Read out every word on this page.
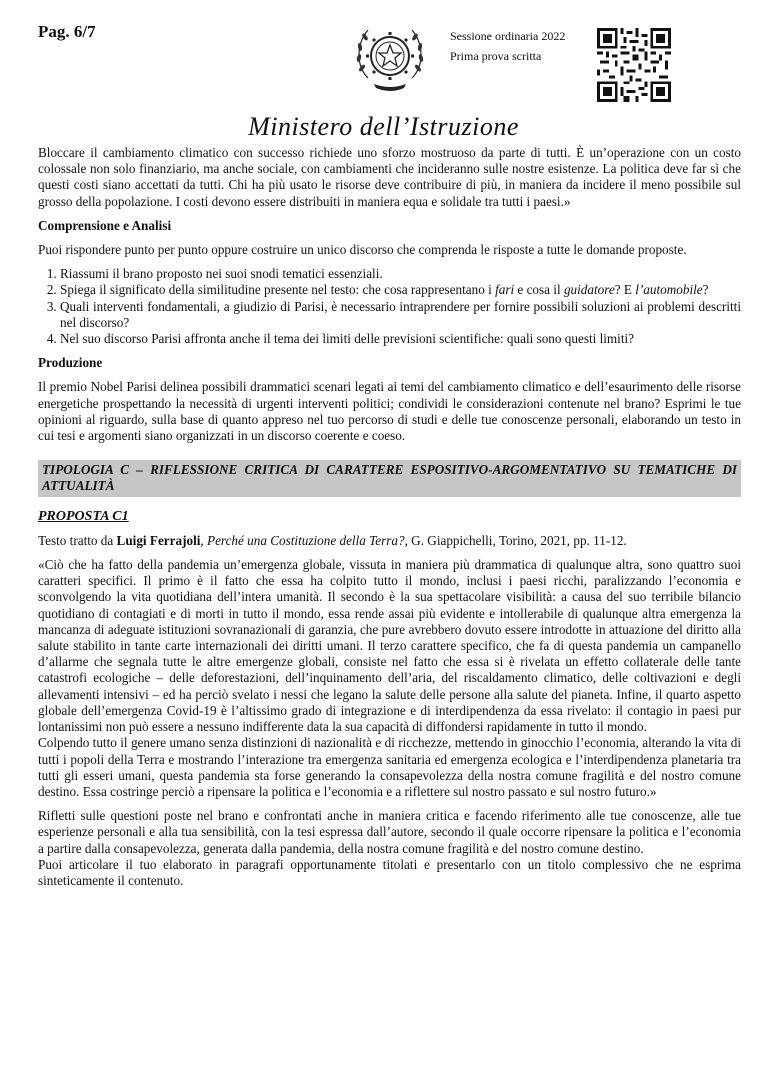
Pag. 6/7	Sessione ordinaria 2022
Prima prova scritta
Ministero dell’Istruzione

Bloccare il cambiamento climatico con successo richiede uno sforzo mostruoso da parte di tutti. È un’operazione con un costo colossale non solo finanziario, ma anche sociale, con cambiamenti che incideranno sulle nostre esistenze. La politica deve far sì che questi costi siano accettati da tutti. Chi ha più usato le risorse deve contribuire di più, in maniera da incidere il meno possibile sul grosso della popolazione. I costi devono essere distribuiti in maniera equa e solidale tra tutti i paesi.»

Comprensione e Analisi

Puoi rispondere punto per punto oppure costruire un unico discorso che comprenda le risposte a tutte le domande proposte.

1. Riassumi il brano proposto nei suoi snodi tematici essenziali.
2. Spiega il significato della similitudine presente nel testo: che cosa rappresentano i fari e cosa il guidatore? E l’automobile?
3. Quali interventi fondamentali, a giudizio di Parisi, è necessario intraprendere per fornire possibili soluzioni ai problemi descritti nel discorso?
4. Nel suo discorso Parisi affronta anche il tema dei limiti delle previsioni scientifiche: quali sono questi limiti?

Produzione

Il premio Nobel Parisi delinea possibili drammatici scenari legati ai temi del cambiamento climatico e dell’esaurimento delle risorse energetiche prospettando la necessità di urgenti interventi politici; condividi le considerazioni contenute nel brano? Esprimi le tue opinioni al riguardo, sulla base di quanto appreso nel tuo percorso di studi e delle tue conoscenze personali, elaborando un testo in cui tesi e argomenti siano organizzati in un discorso coerente e coeso.

TIPOLOGIA C – RIFLESSIONE CRITICA DI CARATTERE ESPOSITIVO-ARGOMENTATIVO SU TEMATICHE DI ATTUALITÀ

PROPOSTA C1

Testo tratto da Luigi Ferrajoli, Perché una Costituzione della Terra?, G. Giappichelli, Torino, 2021, pp. 11-12.

«Ciò che ha fatto della pandemia un’emergenza globale, vissuta in maniera più drammatica di qualunque altra, sono quattro suoi caratteri specifici. Il primo è il fatto che essa ha colpito tutto il mondo, inclusi i paesi ricchi, paralizzando l’economia e sconvolgendo la vita quotidiana dell’intera umanità. Il secondo è la sua spettacolare visibilità: a causa del suo terribile bilancio quotidiano di contagiati e di morti in tutto il mondo, essa rende assai più evidente e intollerabile di qualunque altra emergenza la mancanza di adeguate istituzioni sovranazionali di garanzia, che pure avrebbero dovuto essere introdotte in attuazione del diritto alla salute stabilito in tante carte internazionali dei diritti umani. Il terzo carattere specifico, che fa di questa pandemia un campanello d’allarme che segnala tutte le altre emergenze globali, consiste nel fatto che essa si è rivelata un effetto collaterale delle tante catastrofi ecologiche – delle deforestazioni, dell’inquinamento dell’aria, del riscaldamento climatico, delle coltivazioni e degli allevamenti intensivi – ed ha perciò svelato i nessi che legano la salute delle persone alla salute del pianeta. Infine, il quarto aspetto globale dell’emergenza Covid-19 è l’altissimo grado di integrazione e di interdipendenza da essa rivelato: il contagio in paesi pur lontanissimi non può essere a nessuno indifferente data la sua capacità di diffondersi rapidamente in tutto il mondo.

Colpendo tutto il genere umano senza distinzioni di nazionalità e di ricchezze, mettendo in ginocchio l’economia, alterando la vita di tutti i popoli della Terra e mostrando l’interazione tra emergenza sanitaria ed emergenza ecologica e l’interdipendenza planetaria tra tutti gli esseri umani, questa pandemia sta forse generando la consapevolezza della nostra comune fragilità e del nostro comune destino. Essa costringe perciò a ripensare la politica e l’economia e a riflettere sul nostro passato e sul nostro futuro.»

Rifletti sulle questioni poste nel brano e confrontati anche in maniera critica e facendo riferimento alle tue conoscenze, alle tue esperienze personali e alla tua sensibilità, con la tesi espressa dall’autore, secondo il quale occorre ripensare la politica e l’economia a partire dalla consapevolezza, generata dalla pandemia, della nostra comune fragilità e del nostro comune destino.

Puoi articolare il tuo elaborato in paragrafi opportunamente titolati e presentarlo con un titolo complessivo che ne esprima sinteticamente il contenuto.
